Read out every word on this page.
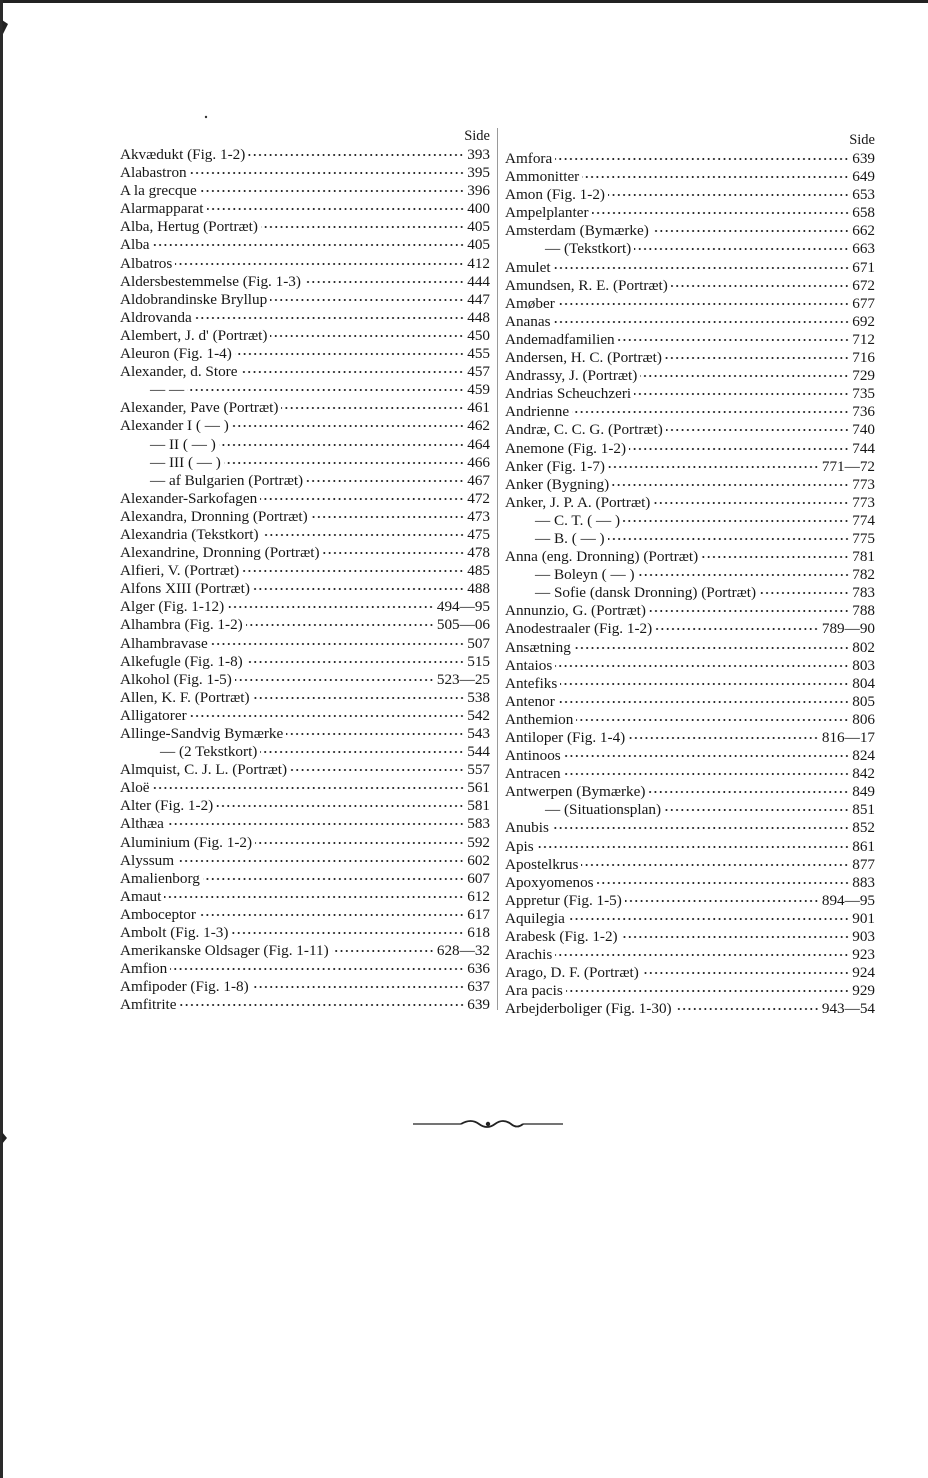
Side
Akvædukt (Fig. 1-2)	393
Alabastron	395
A la grecque	396
Alarmapparat	400
Alba, Hertug (Portræt)	405
Alba	405
Albatros	412
Aldersbestemmelse (Fig. 1-3)	444
Aldobrandinske Bryllup	447
Aldrovanda	448
Alembert, J. d' (Portræt)	450
Aleuron (Fig. 1-4)	455
Alexander, d. Store	457
— —	459
Alexander, Pave (Portræt)	461
Alexander I ( — )	462
— II ( — )	464
— III ( — )	466
— af Bulgarien (Portræt)	467
Alexander-Sarkofagen	472
Alexandra, Dronning (Portræt)	473
Alexandria (Tekstkort)	475
Alexandrine, Dronning (Portræt)	478
Alfieri, V. (Portræt)	485
Alfons XIII (Portræt)	488
Alger (Fig. 1-12)	494—95
Alhambra (Fig. 1-2)	505—06
Alhambravase	507
Alkefugle (Fig. 1-8)	515
Alkohol (Fig. 1-5)	523—25
Allen, K. F. (Portræt)	538
Alligatorer	542
Allinge-Sandvig Bymærke	543
— (2 Tekstkort)	544
Almquist, C. J. L. (Portræt)	557
Aloë	561
Alter (Fig. 1-2)	581
Althæa	583
Aluminium (Fig. 1-2)	592
Alyssum	602
Amalienborg	607
Amaut	612
Amboceptor	617
Ambolt (Fig. 1-3)	618
Amerikanske Oldsager (Fig. 1-11)	628—32
Amfion	636
Amfipoder (Fig. 1-8)	637
Amfitrite	639
Side
Amfora	639
Ammonitter	649
Amon (Fig. 1-2)	653
Ampelplanter	658
Amsterdam (Bymærke)	662
— (Tekstkort)	663
Amulet	671
Amundsen, R. E. (Portræt)	672
Amøber	677
Ananas	692
Andemadfamilien	712
Andersen, H. C. (Portræt)	716
Andrassy, J. (Portræt)	729
Andrias Scheuchzeri	735
Andrienne	736
Andræ, C. C. G. (Portræt)	740
Anemone (Fig. 1-2)	744
Anker (Fig. 1-7)	771—72
Anker (Bygning)	773
Anker, J. P. A. (Portræt)	773
— C. T. ( — )	774
— B. ( — )	775
Anna (eng. Dronning) (Portræt)	781
— Boleyn ( — )	782
— Sofie (dansk Dronning) (Portræt)	783
Annunzio, G. (Portræt)	788
Anodestraaler (Fig. 1-2)	789—90
Ansætning	802
Antaios	803
Antefiks	804
Antenor	805
Anthemion	806
Antiloper (Fig. 1-4)	816—17
Antinoos	824
Antracen	842
Antwerpen (Bymærke)	849
— (Situationsplan)	851
Anubis	852
Apis	861
Apostelkrus	877
Apoxyomenos	883
Appretur (Fig. 1-5)	894—95
Aquilegia	901
Arabesk (Fig. 1-2)	903
Arachis	923
Arago, D. F. (Portræt)	924
Ara pacis	929
Arbejderboliger (Fig. 1-30)	943—54
